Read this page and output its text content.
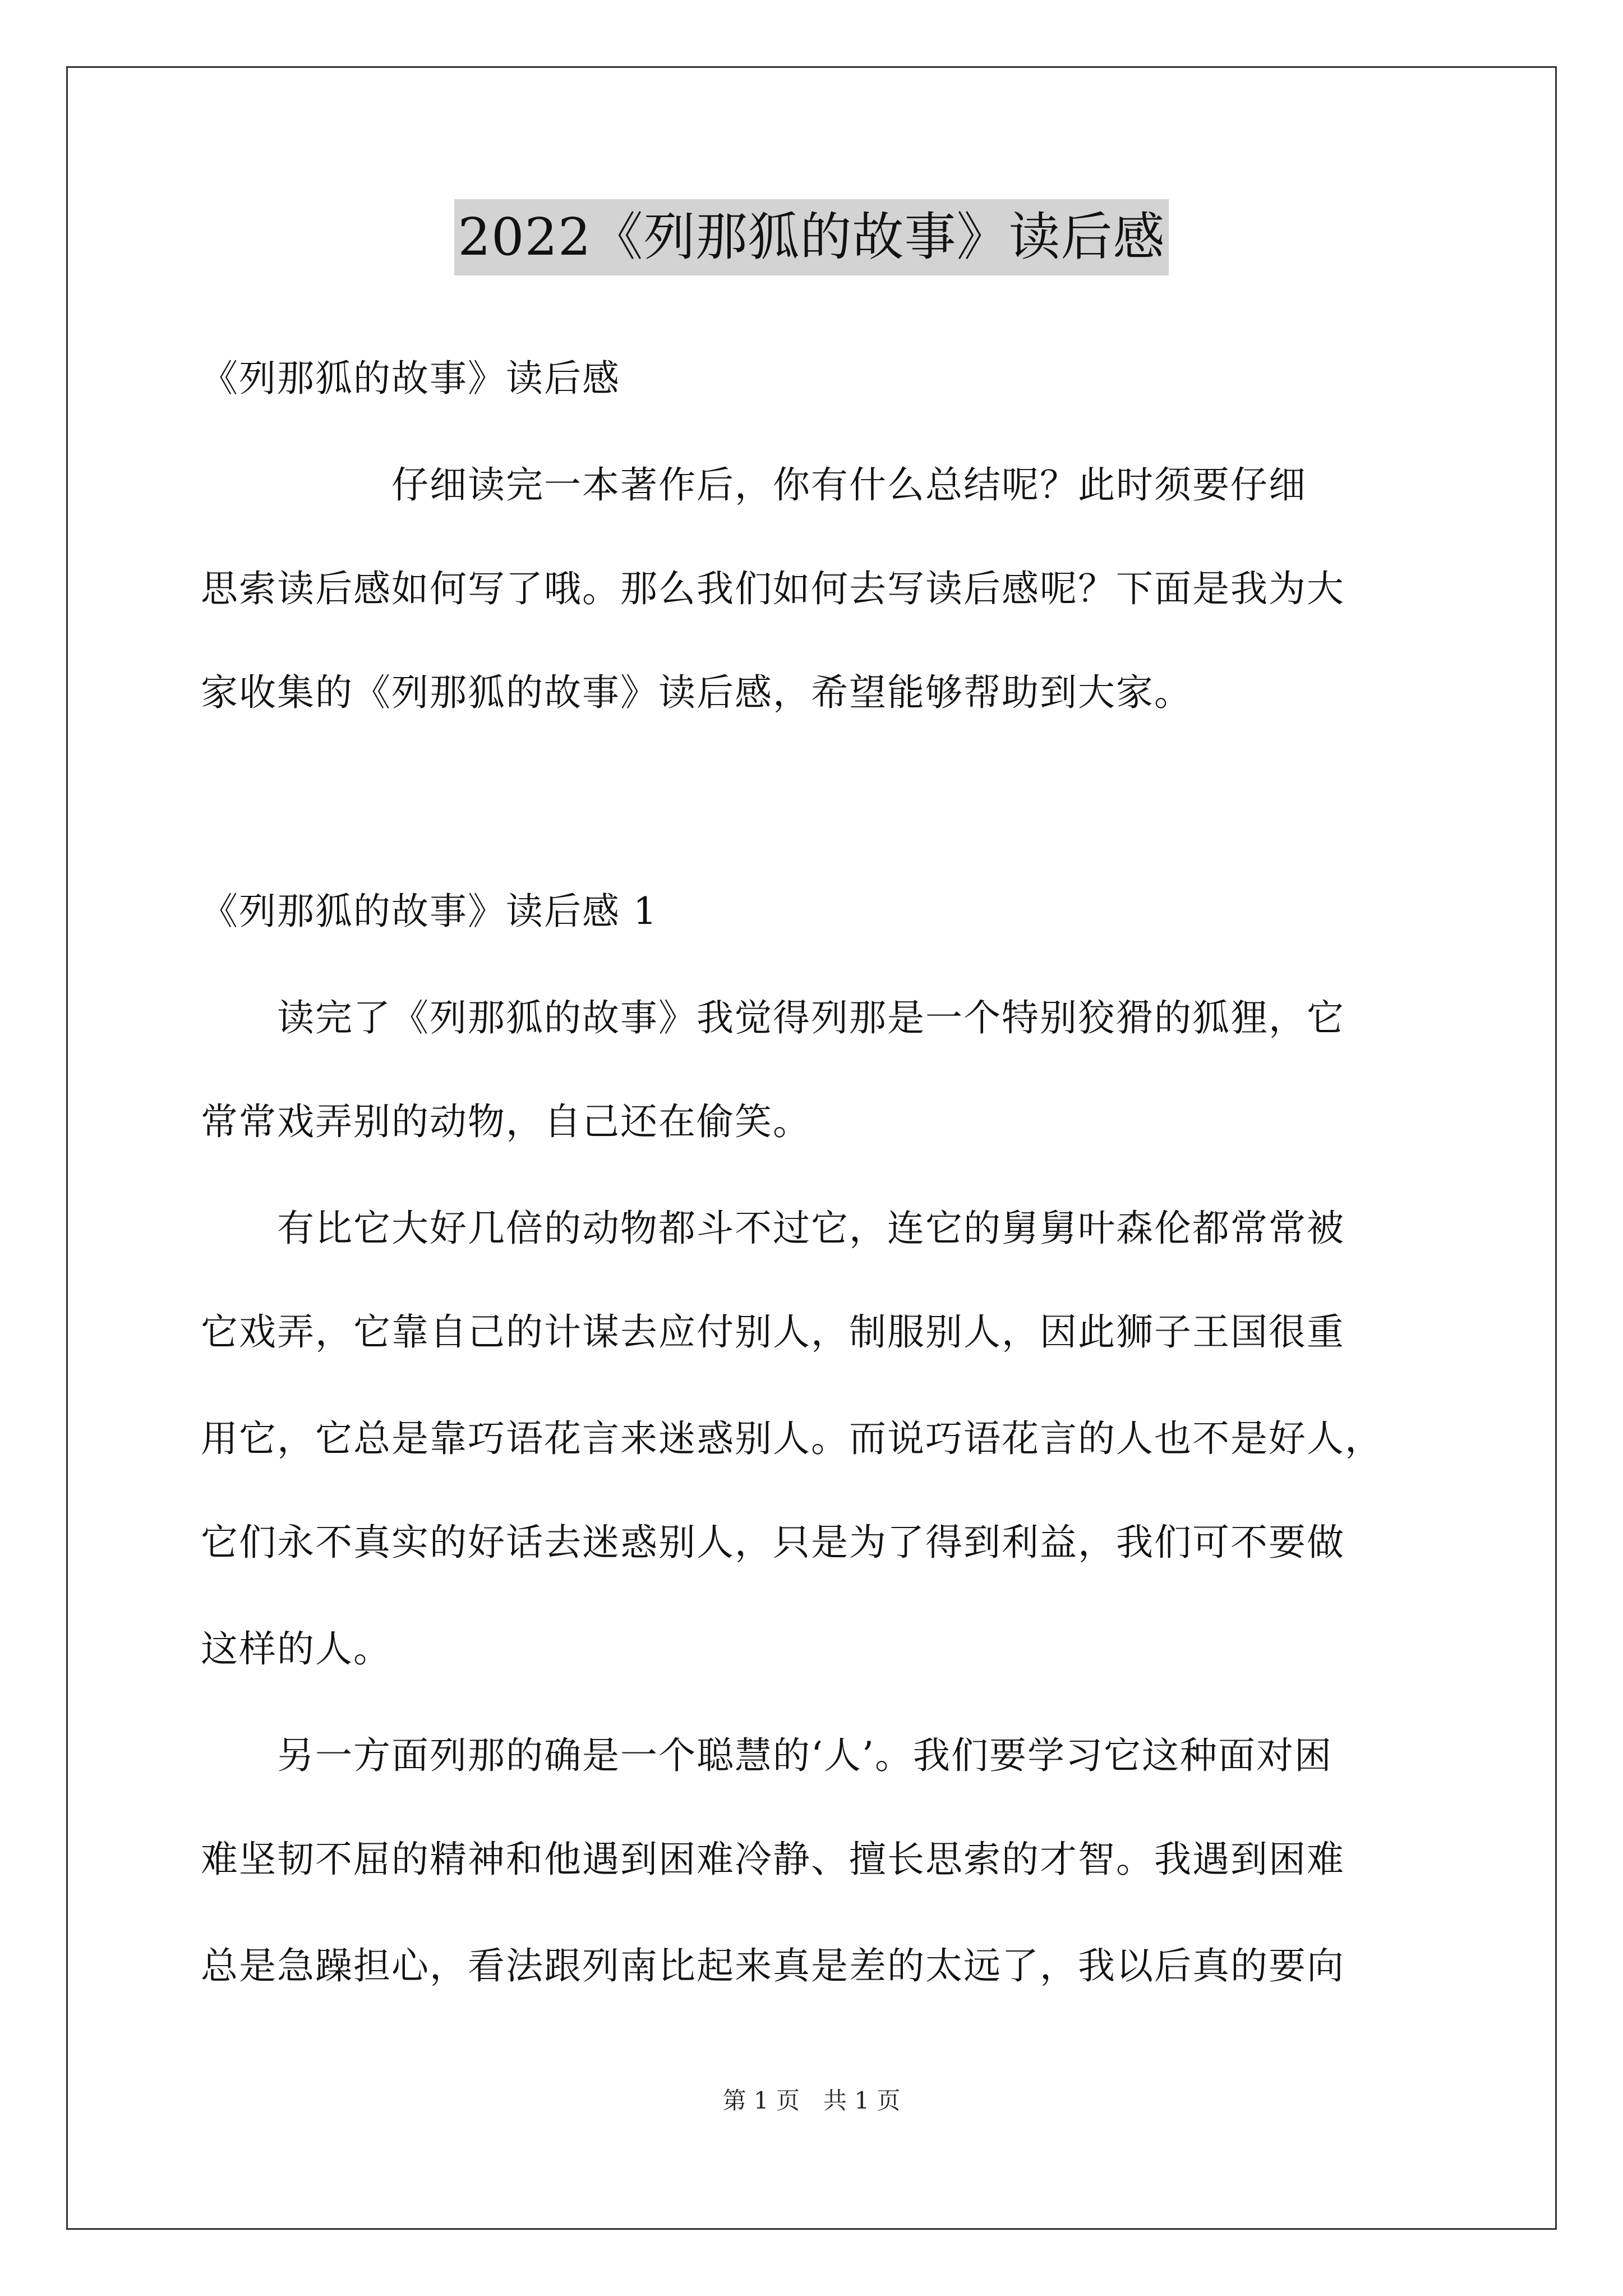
2022《列那狐的故事》读后感
《列那狐的故事》读后感
　　　　　仔细读完一本著作后，你有什么总结呢？此时须要仔细
思索读后感如何写了哦。那么我们如何去写读后感呢？下面是我为大
家收集的《列那狐的故事》读后感，希望能够帮助到大家。
《列那狐的故事》读后感 1
　　读完了《列那狐的故事》我觉得列那是一个特别狡猾的狐狸，它
常常戏弄别的动物，自己还在偷笑。
　　有比它大好几倍的动物都斗不过它，连它的舅舅叶森伦都常常被
它戏弄，它靠自己的计谋去应付别人，制服别人，因此狮子王国很重
用它，它总是靠巧语花言来迷惑别人。而说巧语花言的人也不是好人，
它们永不真实的好话去迷惑别人，只是为了得到利益，我们可不要做
这样的人。
　　另一方面列那的确是一个聪慧的‘人’。我们要学习它这种面对困
难坚韧不屈的精神和他遇到困难冷静、擅长思索的才智。我遇到困难
总是急躁担心，看法跟列南比起来真是差的太远了，我以后真的要向
第 1 页　共 1 页
